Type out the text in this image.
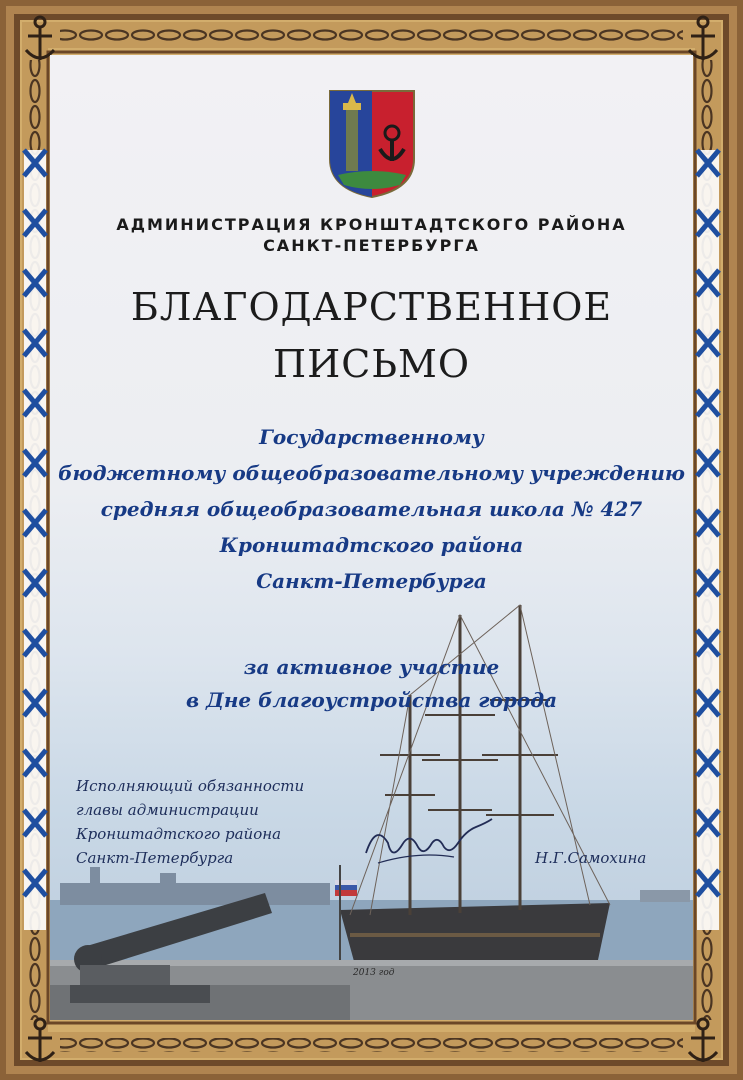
АДМИНИСТРАЦИЯ КРОНШТАДТСКОГО РАЙОНА
САНКТ-ПЕТЕРБУРГА
БЛАГОДАРСТВЕННОЕ
ПИСЬМО
Государственному
бюджетному общеобразовательному учреждению
средняя общеобразовательная школа № 427
Кронштадтского района
Санкт-Петербурга
за активное участие
в Дне благоустройства города
Исполняющий обязанности
главы администрации
Кронштадтского района
Санкт-Петербурга	Н.Г.Самохина
2013 год
